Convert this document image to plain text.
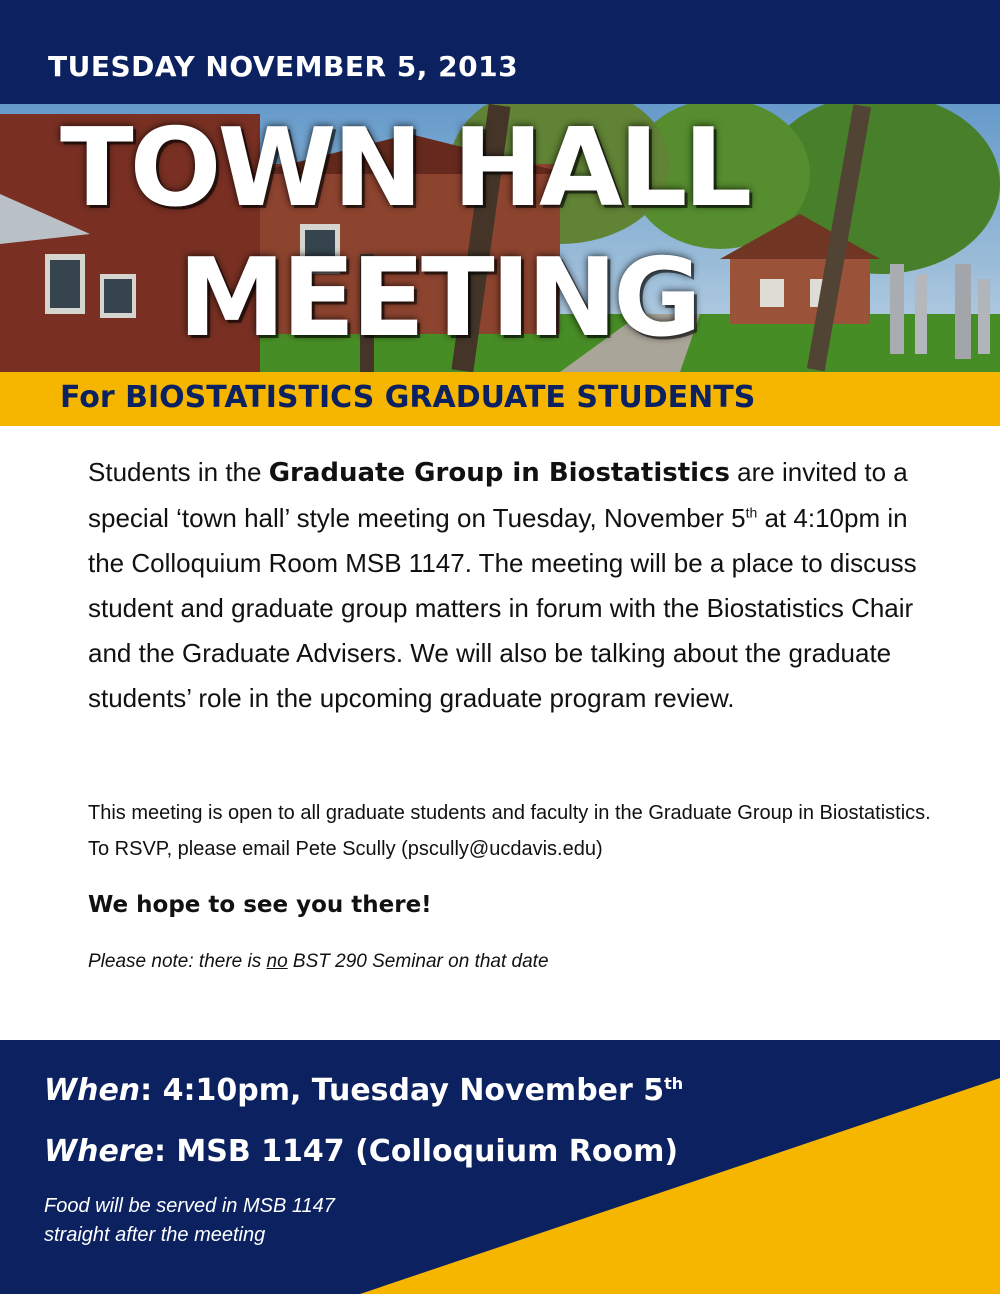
TUESDAY NOVEMBER 5, 2013

TOWN HALL
MEETING

For BIOSTATISTICS GRADUATE STUDENTS

Students in the Graduate Group in Biostatistics are invited to a special ‘town hall’ style meeting on Tuesday, November 5th at 4:10pm in the Colloquium Room MSB 1147. The meeting will be a place to discuss student and graduate group matters in forum with the Biostatistics Chair and the Graduate Advisers. We will also be talking about the graduate students’ role in the upcoming graduate program review.

This meeting is open to all graduate students and faculty in the Graduate Group in Biostatistics. To RSVP, please email Pete Scully (pscully@ucdavis.edu)

We hope to see you there!

Please note: there is no BST 290 Seminar on that date

When: 4:10pm, Tuesday November 5th

Where: MSB 1147 (Colloquium Room)

Food will be served in MSB 1147
straight after the meeting
